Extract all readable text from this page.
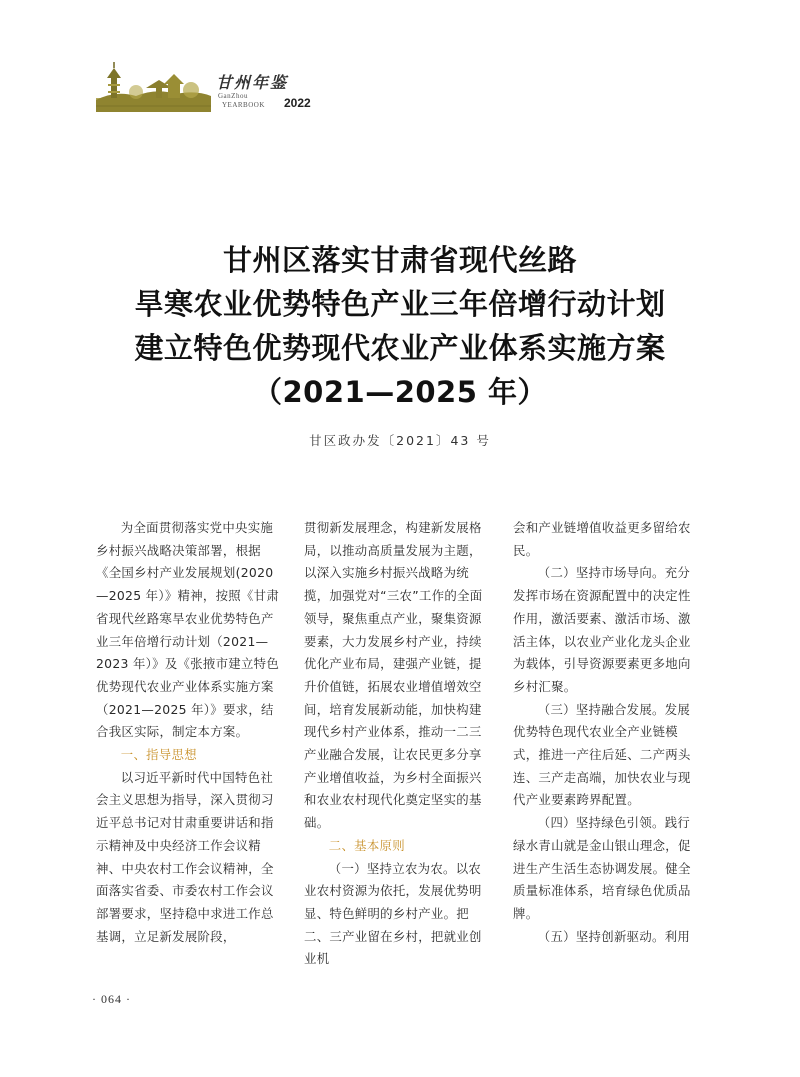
甘州年鉴
GanZhou
YEARBOOK 2022
甘州区落实甘肃省现代丝路
旱寒农业优势特色产业三年倍增行动计划
建立特色优势现代农业产业体系实施方案
（2021—2025 年）
甘区政办发〔2021〕43 号

为全面贯彻落实党中央实施乡村振兴战略决策部署，根据《全国乡村产业发展规划(2020—2025 年）》精神，按照《甘肃省现代丝路寒旱农业优势特色产业三年倍增行动计划（2021—2023 年）》及《张掖市建立特色优势现代农业产业体系实施方案（2021—2025 年）》要求，结合我区实际，制定本方案。

一、指导思想

以习近平新时代中国特色社会主义思想为指导，深入贯彻习近平总书记对甘肃重要讲话和指示精神及中央经济工作会议精神、中央农村工作会议精神，全面落实省委、市委农村工作会议部署要求，坚持稳中求进工作总基调，立足新发展阶段，

贯彻新发展理念，构建新发展格局，以推动高质量发展为主题，以深入实施乡村振兴战略为统揽，加强党对“三农”工作的全面领导，聚焦重点产业，聚集资源要素，大力发展乡村产业，持续优化产业布局，建强产业链，提升价值链，拓展农业增值增效空间，培育发展新动能，加快构建现代乡村产业体系，推动一二三产业融合发展，让农民更多分享产业增值收益，为乡村全面振兴和农业农村现代化奠定坚实的基础。

二、基本原则

（一）坚持立农为农。以农业农村资源为依托，发展优势明显、特色鲜明的乡村产业。把二、三产业留在乡村，把就业创业机

会和产业链增值收益更多留给农民。

（二）坚持市场导向。充分发挥市场在资源配置中的决定性作用，激活要素、激活市场、激活主体，以农业产业化龙头企业为载体，引导资源要素更多地向乡村汇聚。

（三）坚持融合发展。发展优势特色现代农业全产业链模式，推进一产往后延、二产两头连、三产走高端，加快农业与现代产业要素跨界配置。

（四）坚持绿色引领。践行绿水青山就是金山银山理念，促进生产生活生态协调发展。健全质量标准体系，培育绿色优质品牌。

（五）坚持创新驱动。利用

· 064 ·
